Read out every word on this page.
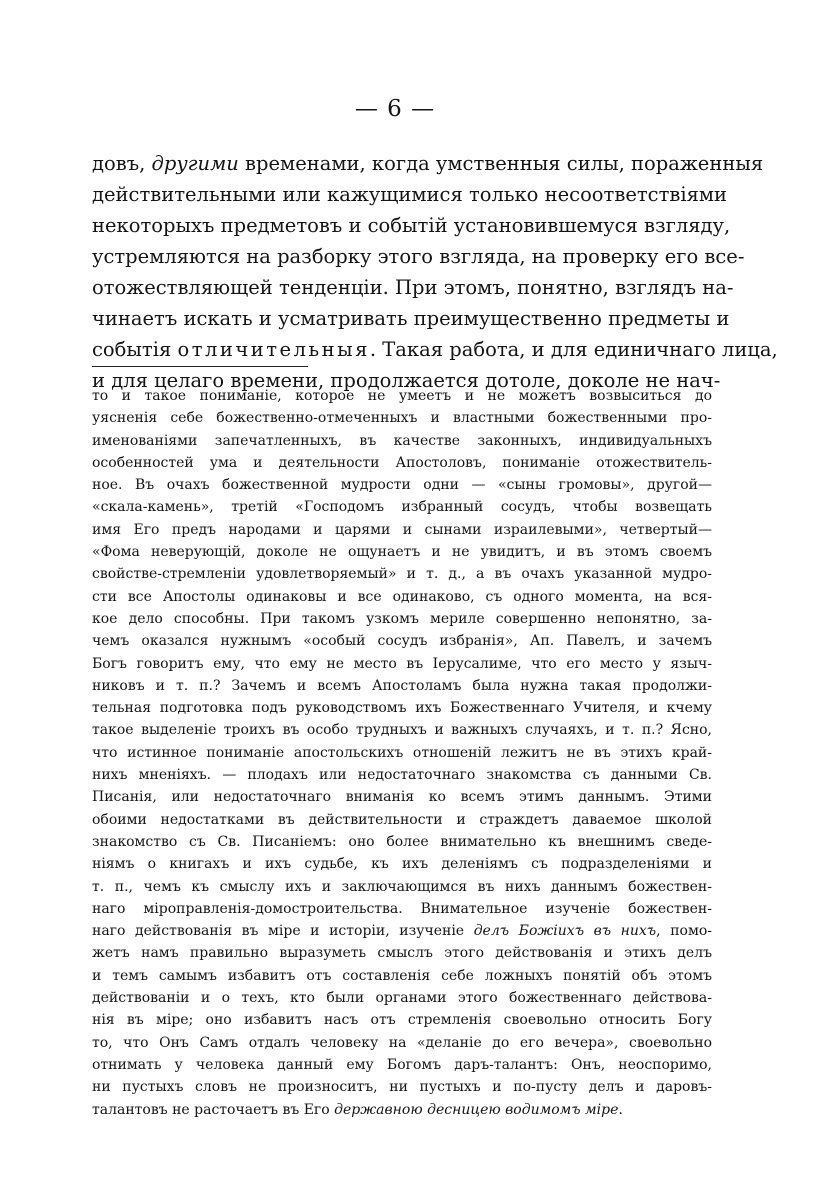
— 6 —
довъ, другими временами, когда умственныя силы, пораженныя
действительными или кажущимися только несоответствiями
некоторыхъ предметовъ и событiй установившемуся взгляду,
устремляются на разборку этого взгляда, на проверку его все-
отожествляющей тенденцiи. При этомъ, понятно, взглядъ на-
чинаетъ искать и усматривать преимущественно предметы и
событiя отличительныя. Такая работа, и для единичнаго лица,
и для целаго времени, продолжается дотоле, доколе не нач-
то и такое пониманiе, которое не умеетъ и не можетъ возвыситься до
уясненiя себе божественно-отмеченныхъ и властными божественными про-
именованiями запечатленныхъ, въ качестве законныхъ, индивидуальныхъ
особенностей ума и деятельности Апостоловъ, пониманiе отожествитель-
ное. Въ очахъ божественной мудрости одни — «сыны громовы», другой—
«скала-камень», третiй «Господомъ избранный сосудъ, чтобы возвещать
имя Его предъ народами и царями и сынами израилевыми», четвертый—
«Фома неверующiй, доколе не ощунаетъ и не увидитъ, и въ этомъ своемъ
свойстве-стремленiи удовлетворяемый» и т. д., а въ очахъ указанной мудро-
сти все Апостолы одинаковы и все одинаково, съ одного момента, на вся-
кое дело способны. При такомъ узкомъ мериле совершенно непонятно, за-
чемъ оказался нужнымъ «особый сосудъ избранiя», Ап. Павелъ, и зачемъ
Богъ говоритъ ему, что ему не место въ Iерусалиме, что его место у языч-
никовъ и т. п.? Зачемъ и всемъ Апостоламъ была нужна такая продолжи-
тельная подготовка подъ руководствомъ ихъ Божественнаго Учителя, и кчему
такое выделенiе троихъ въ особо трудныхъ и важныхъ случаяхъ, и т. п.? Ясно,
что истинное пониманiе апостольскихъ отношенiй лежитъ не въ этихъ край-
нихъ мненiяхъ. — плодахъ или недостаточнаго знакомства съ данными Св.
Писанiя, или недостаточнаго вниманiя ко всемъ этимъ даннымъ. Этими
обоими недостатками въ действительности и страждетъ даваемое школой
знакомство съ Св. Писанiемъ: оно более внимательно къ внешнимъ сведе-
нiямъ о книгахъ и ихъ судьбе, къ ихъ деленiямъ съ подразделенiями и
т. п., чемъ къ смыслу ихъ и заключающимся въ нихъ даннымъ божествен-
наго мiроправленiя-домостроительства. Внимательное изученiе божествен-
наго действованiя въ мiре и исторiи, изученiе делъ Божiихъ въ нихъ, помо-
жетъ намъ правильно выразуметь смыслъ этого действованiя и этихъ делъ
и темъ самымъ избавитъ отъ составленiя себе ложныхъ понятiй объ этомъ
действованiи и о техъ, кто были органами этого божественнаго действова-
нiя въ мiре; оно избавитъ насъ отъ стремленiя своевольно относить Богу
то, что Онъ Самъ отдалъ человеку на «деланiе до его вечера», своевольно
отнимать у человека данный ему Богомъ даръ-талантъ: Онъ, неоспоримо,
ни пустыхъ словъ не произноситъ, ни пустыхъ и по-пусту делъ и даровъ-
талантовъ не расточаетъ въ Его державною десницею водимомъ мiре.
